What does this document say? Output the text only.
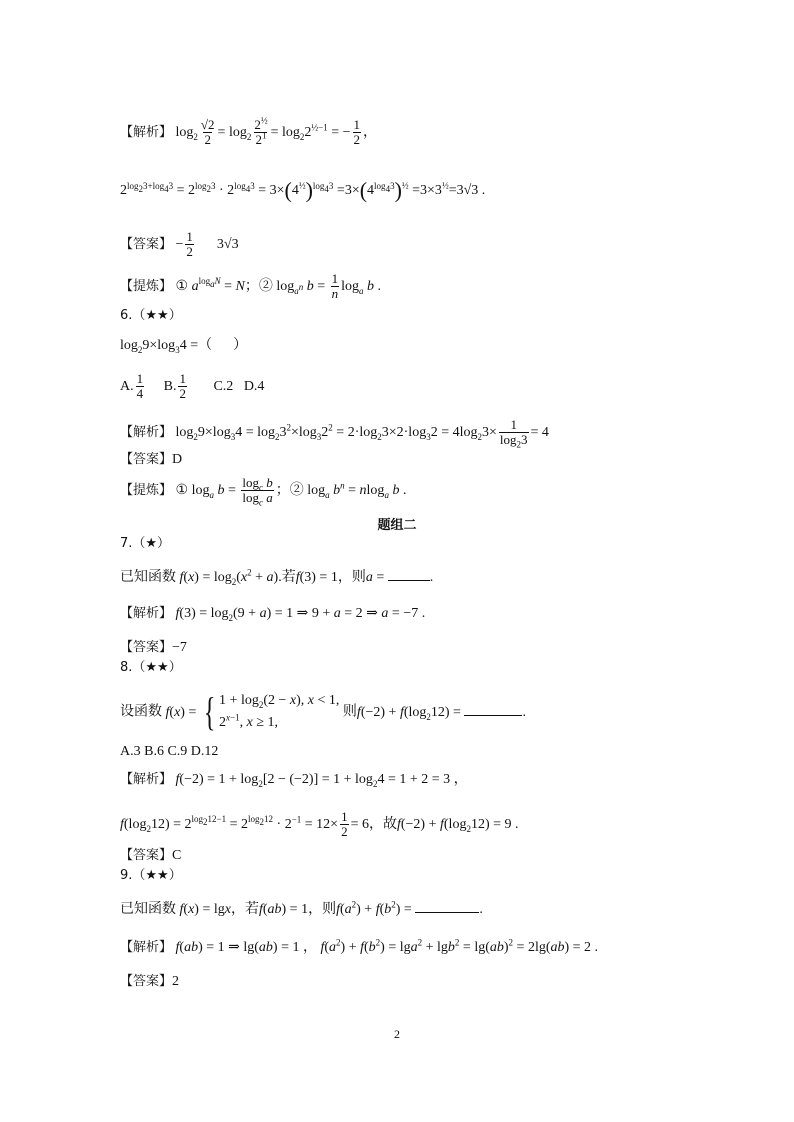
【解析】 $\log_2 \frac{√2}{2} = \log_2 \frac{2^{\frac{1}{2}}}{2^1} = \log_22^{\frac{1}{2}-1}$ = − $\frac{1}{2}$ ，
$2^{log_23+log_43} = 2^{log_23} \cdot 2^{log_43} = 3\times(4^{\frac{1}{2}})^{log_43} =3\times(4^{log_43})^{\frac{1}{2}} =3\times 3^{\frac{1}{2}}=3√3$ .
【答案】 − $\frac{1}{2} 3√3$
【提炼】 ① $a^{log_aN} = N$；② $\log_{a^n} b = \frac{1}{n} \log_a b$ .
6.（★★）
$\log_29\times\log_34$ =（      ）
A. $\frac{1}{4} B$. $\frac{1}{2} C.2$ D.4
【解析】 $\log_29\times\log_34 = \log_23^2\times\log_32^2 = 2\cdot\log_23\times 2\cdot\log_32 = 4\log_23\times \frac{1}{\log_23} = 4$
【答案】D
【提炼】 ① $\log_a b = \frac{\log_c b}{\log_c a}$ ；② $\log_a b^n = nlog_a$ b .
题组二
7.（★）
已知函数 $f(x) = \log_2(x^2 + a)$.若f(3) = 1，则a =	.
【解析】 $f(3) = \log_2(9 + a) = 1$ ⇒ 9 + a = 2 ⇒ a = −7 .
【答案】−7
8.（★★）
设函数 f(x) = { $1 + \log_2(2 - x)$, x < 1,
$2^{x-1}$, x ≥ 1,
则$f(-2) + f(\log_212)$ =	.
A.3 B.6 C.9 D.12
【解析】 $f(-2) = 1 + \log_2[2 - (-2)] = 1 + \log_24 = 1 + 2 = 3$ ，
$f(\log_212) = 2^{log_212-1} = 2^{log_212} \cdot 2^{-1} = 12\times \frac{1}{2} = 6$，故$f(-2) + f(\log_212) = 9$ .
【答案】C
9.（★★）
已知函数 f(x) = lgx，若f(ab) = 1，则$f(a^2) + f(b^2)$ =	.
【解析】 f(ab) = 1 ⇒ lg(ab) = 1 ， $f(a^2) + f(b^2) = \lg a^2 + \lg b^2 = \lg(ab)^2 = 2\lg(ab) = 2$ .
【答案】2
2
